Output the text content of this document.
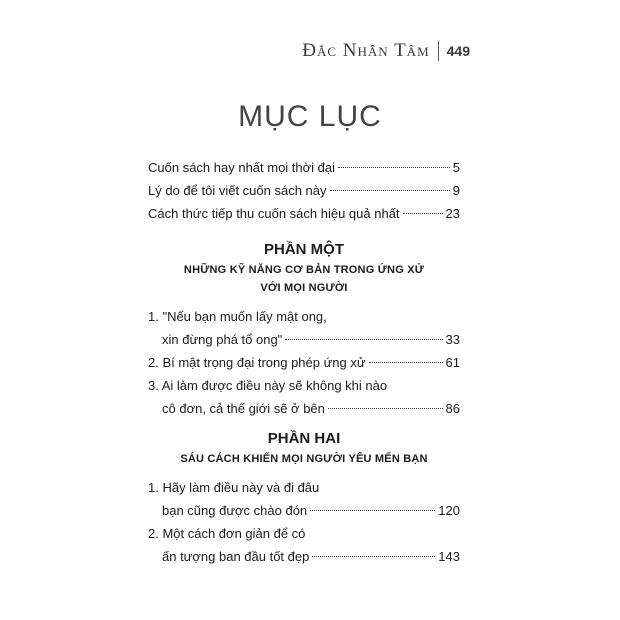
Đắc Nhân Tâm 449
MỤC LỤC
Cuốn sách hay nhất mọi thời đại	5
Lý do để tôi viết cuốn sách này	9
Cách thức tiếp thu cuốn sách hiệu quả nhất	23
PHẦN MỘT
NHỮNG KỸ NĂNG CƠ BẢN TRONG ỨNG XỬ
VỚI MỌI NGƯỜI
1. "Nếu bạn muốn lấy mật ong,
xin đừng phá tổ ong"	33
2. Bí mật trọng đại trong phép ứng xử	61
3. Ai làm được điều này sẽ không khi nào
cô đơn, cả thế giới sẽ ở bên	86
PHẦN HAI
SÁU CÁCH KHIẾN MỌI NGƯỜI YÊU MẾN BẠN
1. Hãy làm điều này và đi đâu
bạn cũng được chào đón	120
2. Một cách đơn giản để có
ấn tượng ban đầu tốt đẹp	143
